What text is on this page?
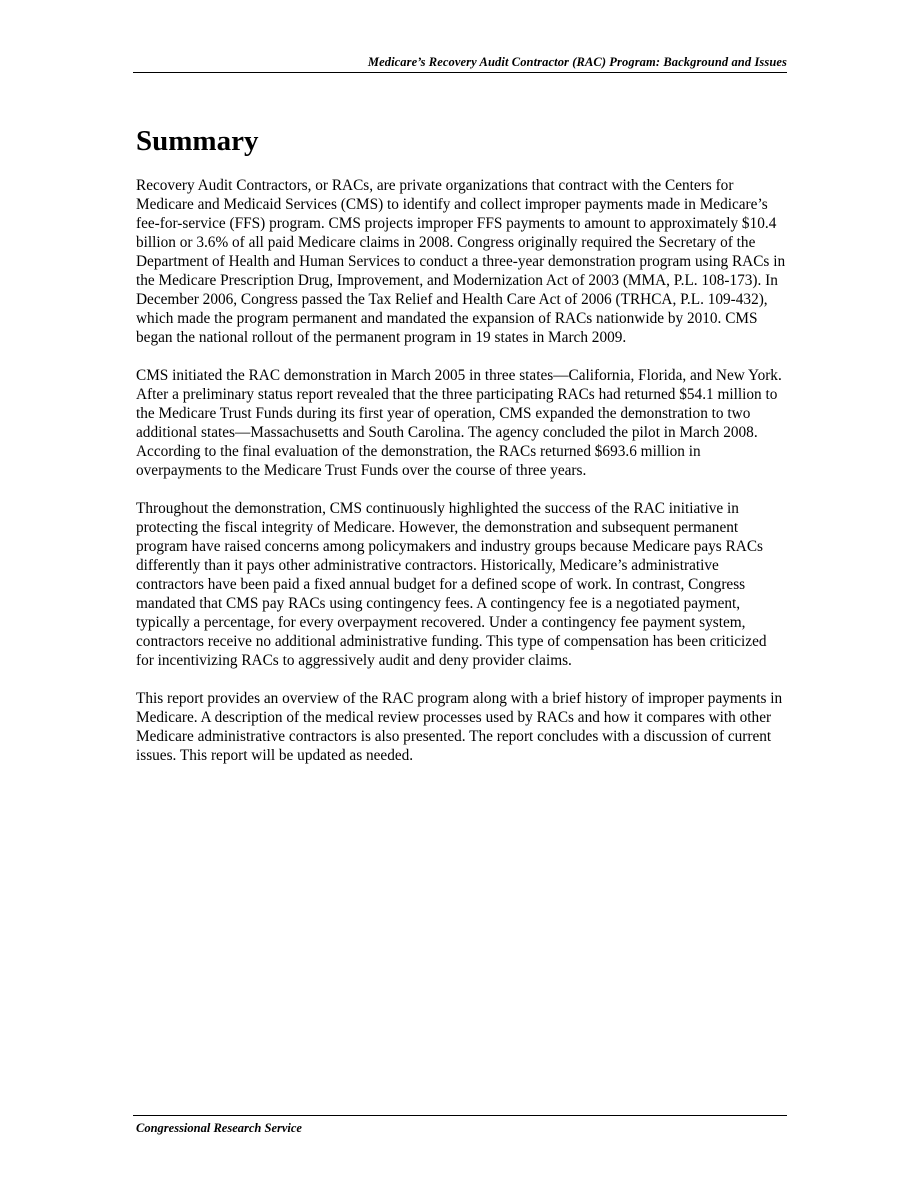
Medicare’s Recovery Audit Contractor (RAC) Program: Background and Issues
Summary

Recovery Audit Contractors, or RACs, are private organizations that contract with the Centers for Medicare and Medicaid Services (CMS) to identify and collect improper payments made in Medicare’s fee-for-service (FFS) program. CMS projects improper FFS payments to amount to approximately $10.4 billion or 3.6% of all paid Medicare claims in 2008. Congress originally required the Secretary of the Department of Health and Human Services to conduct a three-year demonstration program using RACs in the Medicare Prescription Drug, Improvement, and Modernization Act of 2003 (MMA, P.L. 108-173). In December 2006, Congress passed the Tax Relief and Health Care Act of 2006 (TRHCA, P.L. 109-432), which made the program permanent and mandated the expansion of RACs nationwide by 2010. CMS began the national rollout of the permanent program in 19 states in March 2009.

CMS initiated the RAC demonstration in March 2005 in three states—California, Florida, and New York. After a preliminary status report revealed that the three participating RACs had returned $54.1 million to the Medicare Trust Funds during its first year of operation, CMS expanded the demonstration to two additional states—Massachusetts and South Carolina. The agency concluded the pilot in March 2008. According to the final evaluation of the demonstration, the RACs returned $693.6 million in overpayments to the Medicare Trust Funds over the course of three years.

Throughout the demonstration, CMS continuously highlighted the success of the RAC initiative in protecting the fiscal integrity of Medicare. However, the demonstration and subsequent permanent program have raised concerns among policymakers and industry groups because Medicare pays RACs differently than it pays other administrative contractors. Historically, Medicare’s administrative contractors have been paid a fixed annual budget for a defined scope of work. In contrast, Congress mandated that CMS pay RACs using contingency fees. A contingency fee is a negotiated payment, typically a percentage, for every overpayment recovered. Under a contingency fee payment system, contractors receive no additional administrative funding. This type of compensation has been criticized for incentivizing RACs to aggressively audit and deny provider claims.

This report provides an overview of the RAC program along with a brief history of improper payments in Medicare. A description of the medical review processes used by RACs and how it compares with other Medicare administrative contractors is also presented. The report concludes with a discussion of current issues. This report will be updated as needed.

Congressional Research Service
